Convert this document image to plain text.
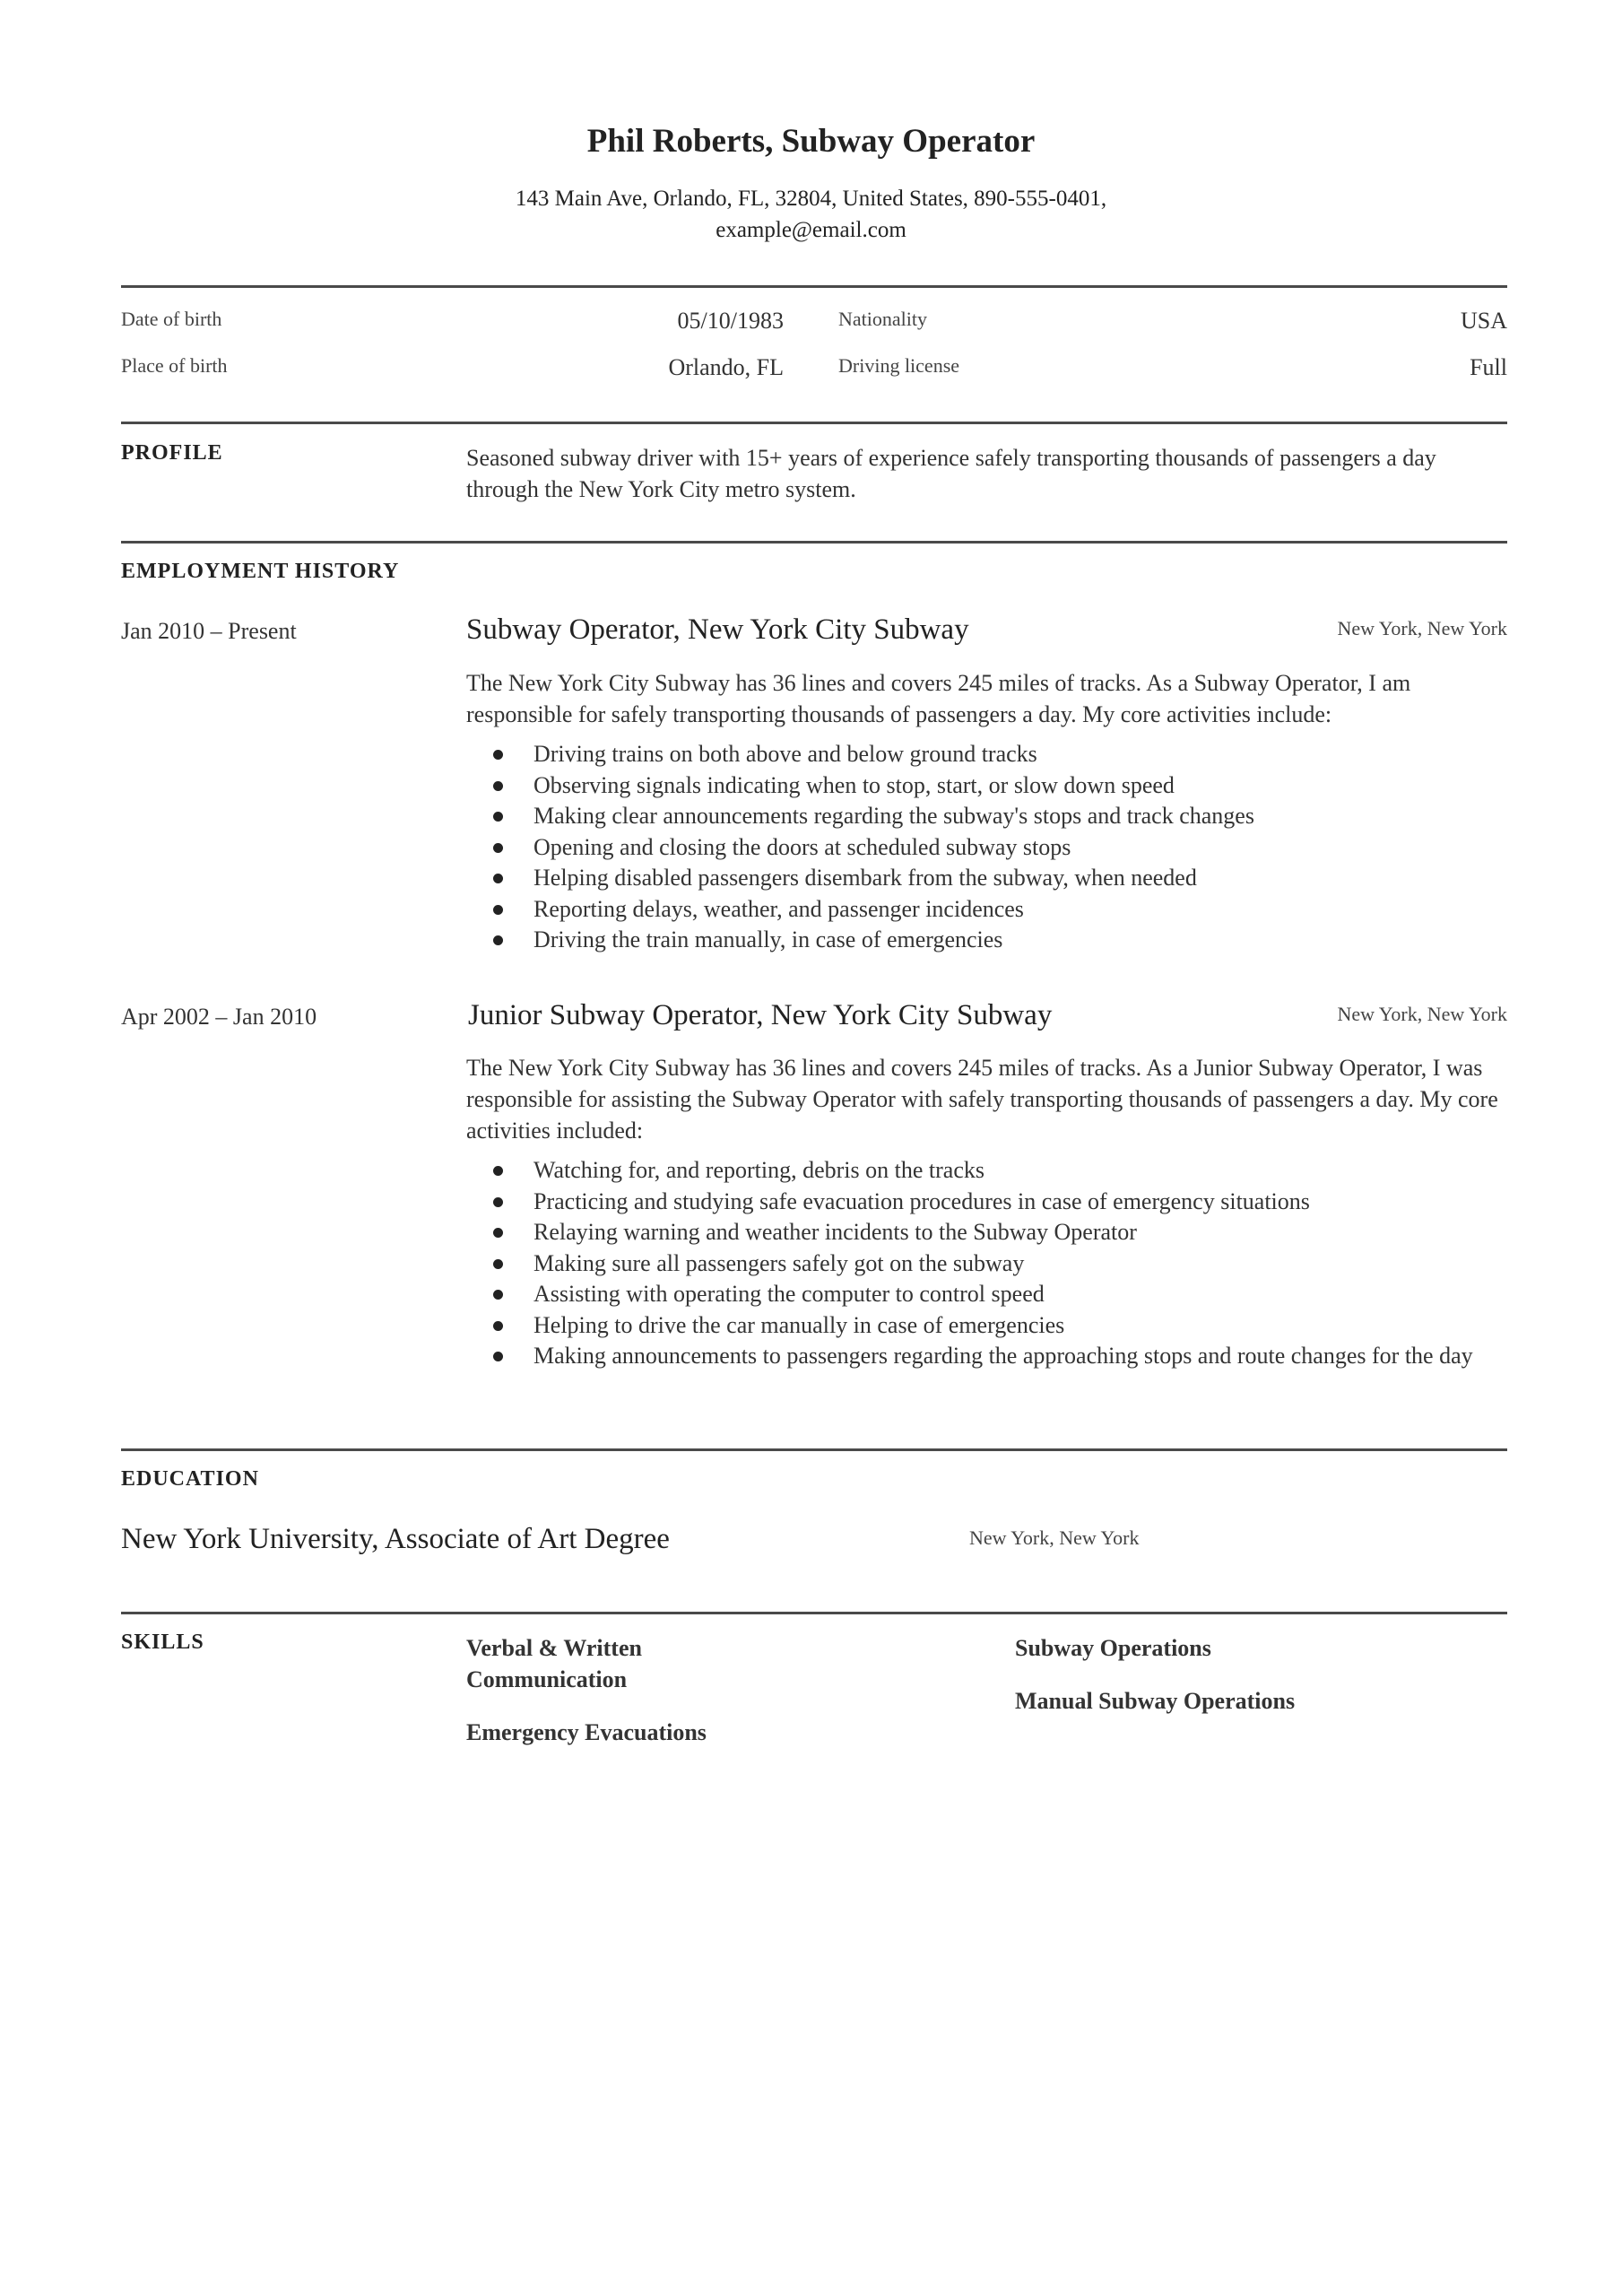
Phil Roberts, Subway Operator
143 Main Ave, Orlando, FL, 32804, United States, 890-555-0401,
example@email.com
Date of birth	05/10/1983	Nationality	USA
Place of birth	Orlando, FL	Driving license	Full
PROFILE	Seasoned subway driver with 15+ years of experience safely transporting thousands of passengers a day through the New York City metro system.
EMPLOYMENT HISTORY
Jan 2010 – Present	Subway Operator, New York City Subway	New York, New York
The New York City Subway has 36 lines and covers 245 miles of tracks. As a Subway Operator, I am responsible for safely transporting thousands of passengers a day. My core activities include:
Driving trains on both above and below ground tracks
Observing signals indicating when to stop, start, or slow down speed
Making clear announcements regarding the subway's stops and track changes
Opening and closing the doors at scheduled subway stops
Helping disabled passengers disembark from the subway, when needed
Reporting delays, weather, and passenger incidences
Driving the train manually, in case of emergencies
Apr 2002 – Jan 2010	Junior Subway Operator, New York City Subway	New York, New York
The New York City Subway has 36 lines and covers 245 miles of tracks. As a Junior Subway Operator, I was responsible for assisting the Subway Operator with safely transporting thousands of passengers a day. My core activities included:
Watching for, and reporting, debris on the tracks
Practicing and studying safe evacuation procedures in case of emergency situations
Relaying warning and weather incidents to the Subway Operator
Making sure all passengers safely got on the subway
Assisting with operating the computer to control speed
Helping to drive the car manually in case of emergencies
Making announcements to passengers regarding the approaching stops and route changes for the day
EDUCATION
New York University, Associate of Art Degree	New York, New York
SKILLS	Verbal & Written Communication
Emergency Evacuations
Subway Operations
Manual Subway Operations
